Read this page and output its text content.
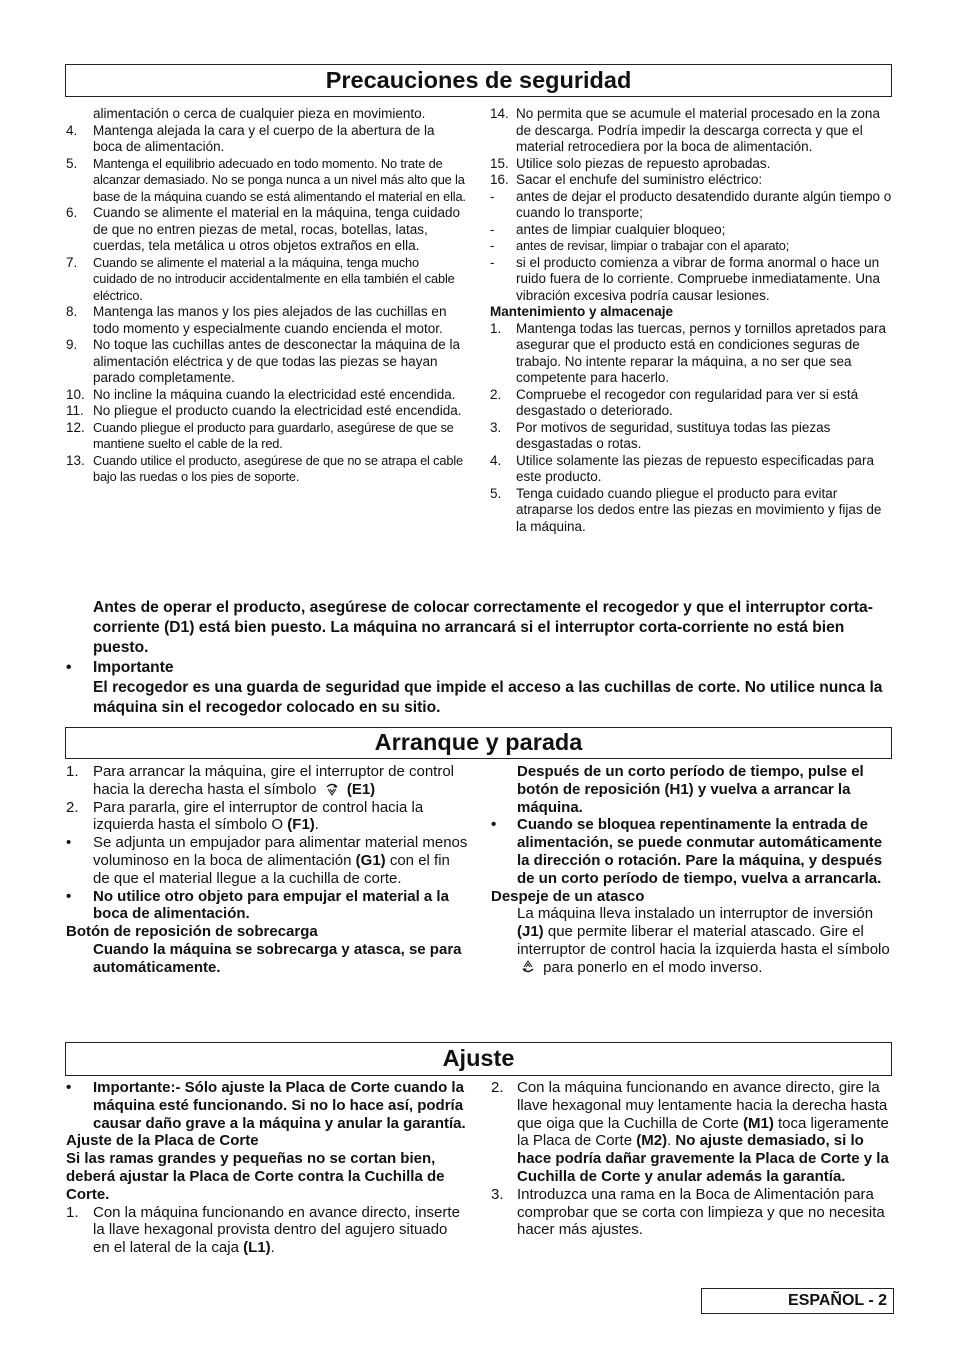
Precauciones de seguridad
alimentación o cerca de cualquier pieza en movimiento.
4.	Mantenga alejada la cara y el cuerpo de la abertura de la boca de alimentación.
5.	Mantenga el equilibrio adecuado en todo momento. No trate de alcanzar demasiado. No se ponga nunca a un nivel más alto que la base de la máquina cuando se está alimentando el material en ella.
6.	Cuando se alimente el material en la máquina, tenga cuidado de que no entren piezas de metal, rocas, botellas, latas, cuerdas, tela metálica u otros objetos extraños en ella.
7.	Cuando se alimente el material a la máquina, tenga mucho cuidado de no introducir accidentalmente en ella también el cable eléctrico.
8.	Mantenga las manos y los pies alejados de las cuchillas en todo momento y especialmente cuando encienda el motor.
9.	No toque las cuchillas antes de desconectar la máquina de la alimentación eléctrica y de que todas las piezas se hayan parado completamente.
10. No incline la máquina cuando la electricidad esté encendida.
11. No pliegue el producto cuando la electricidad esté encendida.
12. Cuando pliegue el producto para guardarlo, asegúrese de que se mantiene suelto el cable de la red.
13. Cuando utilice el producto, asegúrese de que no se atrapa el cable bajo las ruedas o los pies de soporte.
14. No permita que se acumule el material procesado en la zona de descarga. Podría impedir la descarga correcta y que el material retrocediera por la boca de alimentación.
15. Utilice solo piezas de repuesto aprobadas.
16. Sacar el enchufe del suministro eléctrico:
-	antes de dejar el producto desatendido durante algún tiempo o cuando lo transporte;
-	antes de limpiar cualquier bloqueo;
-	antes de revisar, limpiar o trabajar con el aparato;
-	si el producto comienza a vibrar de forma anormal o hace un ruido fuera de lo corriente. Compruebe inmediatamente. Una vibración excesiva podría causar lesiones.
Mantenimiento y almacenaje
1.	Mantenga todas las tuercas, pernos y tornillos apretados para asegurar que el producto está en condiciones seguras de trabajo. No intente reparar la máquina, a no ser que sea competente para hacerlo.
2.	Compruebe el recogedor con regularidad para ver si está desgastado o deteriorado.
3.	Por motivos de seguridad, sustituya todas las piezas desgastadas o rotas.
4.	Utilice solamente las piezas de repuesto especificadas para este producto.
5.	Tenga cuidado cuando pliegue el producto para evitar atraparse los dedos entre las piezas en movimiento y fijas de la máquina.
Antes de operar el producto, asegúrese de colocar correctamente el recogedor y que el interruptor corta-corriente (D1) está bien puesto. La máquina no arrancará si el interruptor corta-corriente no está bien puesto.
•	Importante
El recogedor es una guarda de seguridad que impide el acceso a las cuchillas de corte. No utilice nunca la máquina sin el recogedor colocado en su sitio.
Arranque y parada
1. Para arrancar la máquina, gire el interruptor de control hacia la derecha hasta el símbolo (E1)
2. Para pararla, gire el interruptor de control hacia la izquierda hasta el símbolo O (F1).
•	Se adjunta un empujador para alimentar material menos voluminoso en la boca de alimentación (G1) con el fin de que el material llegue a la cuchilla de corte.
•	No utilice otro objeto para empujar el material a la boca de alimentación.
Botón de reposición de sobrecarga
Cuando la máquina se sobrecarga y atasca, se para automáticamente.
Después de un corto período de tiempo, pulse el botón de reposición (H1) y vuelva a arrancar la máquina.
•	Cuando se bloquea repentinamente la entrada de alimentación, se puede conmutar automáticamente la dirección o rotación. Pare la máquina, y después de un corto período de tiempo, vuelva a arrancarla.
Despeje de un atasco
La máquina lleva instalado un interruptor de inversión (J1) que permite liberar el material atascado. Gire el interruptor de control hacia la izquierda hasta el símbolo  para ponerlo en el modo inverso.
Ajuste
•	Importante:- Sólo ajuste la Placa de Corte cuando la máquina esté funcionando. Si no lo hace así, podría causar daño grave a la máquina y anular la garantía.
Ajuste de la Placa de Corte
Si las ramas grandes y pequeñas no se cortan bien, deberá ajustar la Placa de Corte contra la Cuchilla de Corte.
1. Con la máquina funcionando en avance directo, inserte la llave hexagonal provista dentro del agujero situado en el lateral de la caja (L1).
2. Con la máquina funcionando en avance directo, gire la llave hexagonal muy lentamente hacia la derecha hasta que oiga que la Cuchilla de Corte (M1) toca ligeramente la Placa de Corte (M2). No ajuste demasiado, si lo hace podría dañar gravemente la Placa de Corte y la Cuchilla de Corte y anular además la garantía.
3. Introduzca una rama en la Boca de Alimentación para comprobar que se corta con limpieza y que no necesita hacer más ajustes.
ESPAÑOL - 2
